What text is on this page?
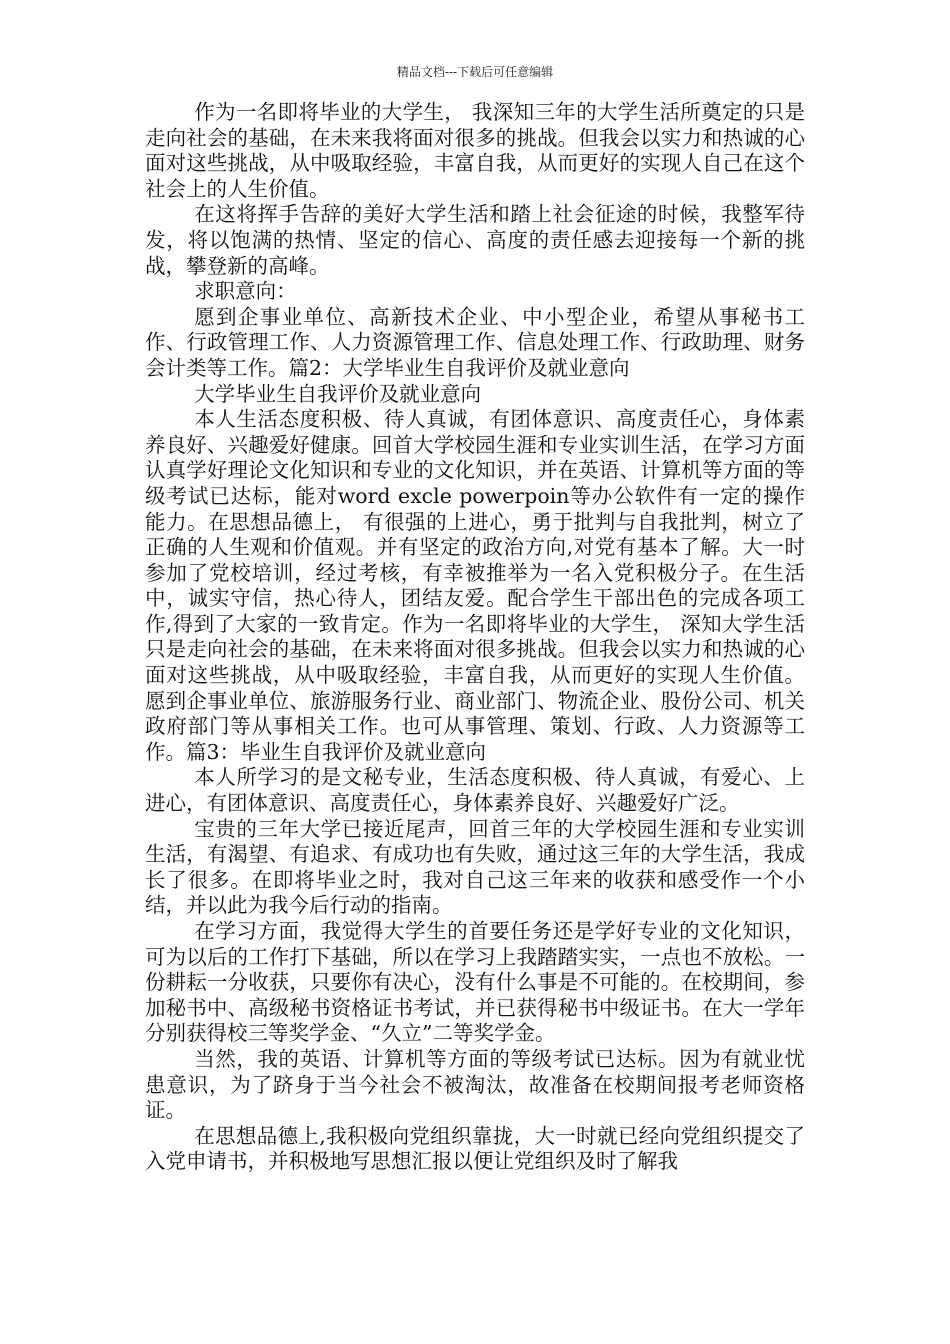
精品文档---下载后可任意编辑

作为一名即将毕业的大学生， 我深知三年的大学生活所奠定的只是走向社会的基础，在未来我将面对很多的挑战。但我会以实力和热诚的心面对这些挑战，从中吸取经验，丰富自我，从而更好的实现人自己在这个社会上的人生价值。

在这将挥手告辞的美好大学生活和踏上社会征途的时候，我整军待发，将以饱满的热情、坚定的信心、高度的责任感去迎接每一个新的挑战，攀登新的高峰。

求职意向：

愿到企事业单位、高新技术企业、中小型企业，希望从事秘书工作、行政管理工作、人力资源管理工作、信息处理工作、行政助理、财务会计类等工作。篇2：大学毕业生自我评价及就业意向

大学毕业生自我评价及就业意向

本人生活态度积极、待人真诚，有团体意识、高度责任心，身体素养良好、兴趣爱好健康。回首大学校园生涯和专业实训生活，在学习方面认真学好理论文化知识和专业的文化知识，并在英语、计算机等方面的等级考试已达标，能对word excle powerpoin等办公软件有一定的操作能力。在思想品德上， 有很强的上进心，勇于批判与自我批判，树立了正确的人生观和价值观。并有坚定的政治方向,对党有基本了解。大一时参加了党校培训，经过考核，有幸被推举为一名入党积极分子。在生活中，诚实守信，热心待人，团结友爱。配合学生干部出色的完成各项工作,得到了大家的一致肯定。作为一名即将毕业的大学生， 深知大学生活只是走向社会的基础，在未来将面对很多挑战。但我会以实力和热诚的心面对这些挑战，从中吸取经验，丰富自我，从而更好的实现人生价值。 愿到企事业单位、旅游服务行业、商业部门、物流企业、股份公司、机关政府部门等从事相关工作。也可从事管理、策划、行政、人力资源等工作。篇3：毕业生自我评价及就业意向

本人所学习的是文秘专业，生活态度积极、待人真诚，有爱心、上进心，有团体意识、高度责任心，身体素养良好、兴趣爱好广泛。

宝贵的三年大学已接近尾声，回首三年的大学校园生涯和专业实训生活，有渴望、有追求、有成功也有失败，通过这三年的大学生活，我成长了很多。在即将毕业之时，我对自己这三年来的收获和感受作一个小结，并以此为我今后行动的指南。

在学习方面，我觉得大学生的首要任务还是学好专业的文化知识，可为以后的工作打下基础，所以在学习上我踏踏实实，一点也不放松。一份耕耘一分收获，只要你有决心，没有什么事是不可能的。在校期间，参加秘书中、高级秘书资格证书考试，并已获得秘书中级证书。在大一学年分别获得校三等奖学金、“久立”二等奖学金。

当然，我的英语、计算机等方面的等级考试已达标。因为有就业忧患意识，为了跻身于当今社会不被淘汰，故准备在校期间报考老师资格证。

在思想品德上,我积极向党组织靠拢，大一时就已经向党组织提交了入党申请书，并积极地写思想汇报以便让党组织及时了解我
